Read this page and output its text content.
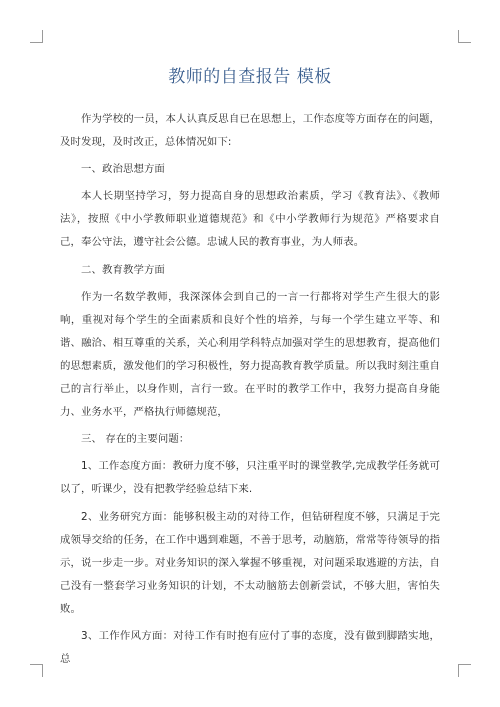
教师的自查报告 模板

作为学校的一员，本人认真反思自已在思想上，工作态度等方面存在的问题，及时发现，及时改正，总体情况如下:

一、政治思想方面

本人长期坚持学习，努力提高自身的思想政治素质，学习《教育法》、《教师法》，按照《中小学教师职业道德规范》和《中小学教师行为规范》严格要求自己，奉公守法，遵守社会公德。忠诚人民的教育事业，为人师表。

二、教育教学方面

作为一名数学教师，我深深体会到自己的一言一行都将对学生产生很大的影响，重视对每个学生的全面素质和良好个性的培养，与每一个学生建立平等、和谐、融洽、相互尊重的关系，关心利用学科特点加强对学生的思想教育，提高他们的思想素质，激发他们的学习积极性，努力提高教育教学质量。所以我时刻注重自己的言行举止，以身作则，言行一致。在平时的教学工作中，我努力提高自身能力、业务水平，严格执行师德规范，

三、 存在的主要问题：

1、工作态度方面：教研力度不够，只注重平时的课堂教学,完成教学任务就可以了，听课少，没有把教学经验总结下来.

2、业务研究方面：能够积极主动的对待工作，但钻研程度不够，只满足于完成领导交给的任务，在工作中遇到难题，不善于思考，动脑筋，常常等待领导的指示，说一步走一步。对业务知识的深入掌握不够重视，对问题采取逃避的方法，自己没有一整套学习业务知识的计划，不太动脑筋去创新尝试，不够大胆，害怕失败。

3、工作作风方面：对待工作有时抱有应付了事的态度，没有做到脚踏实地，总
